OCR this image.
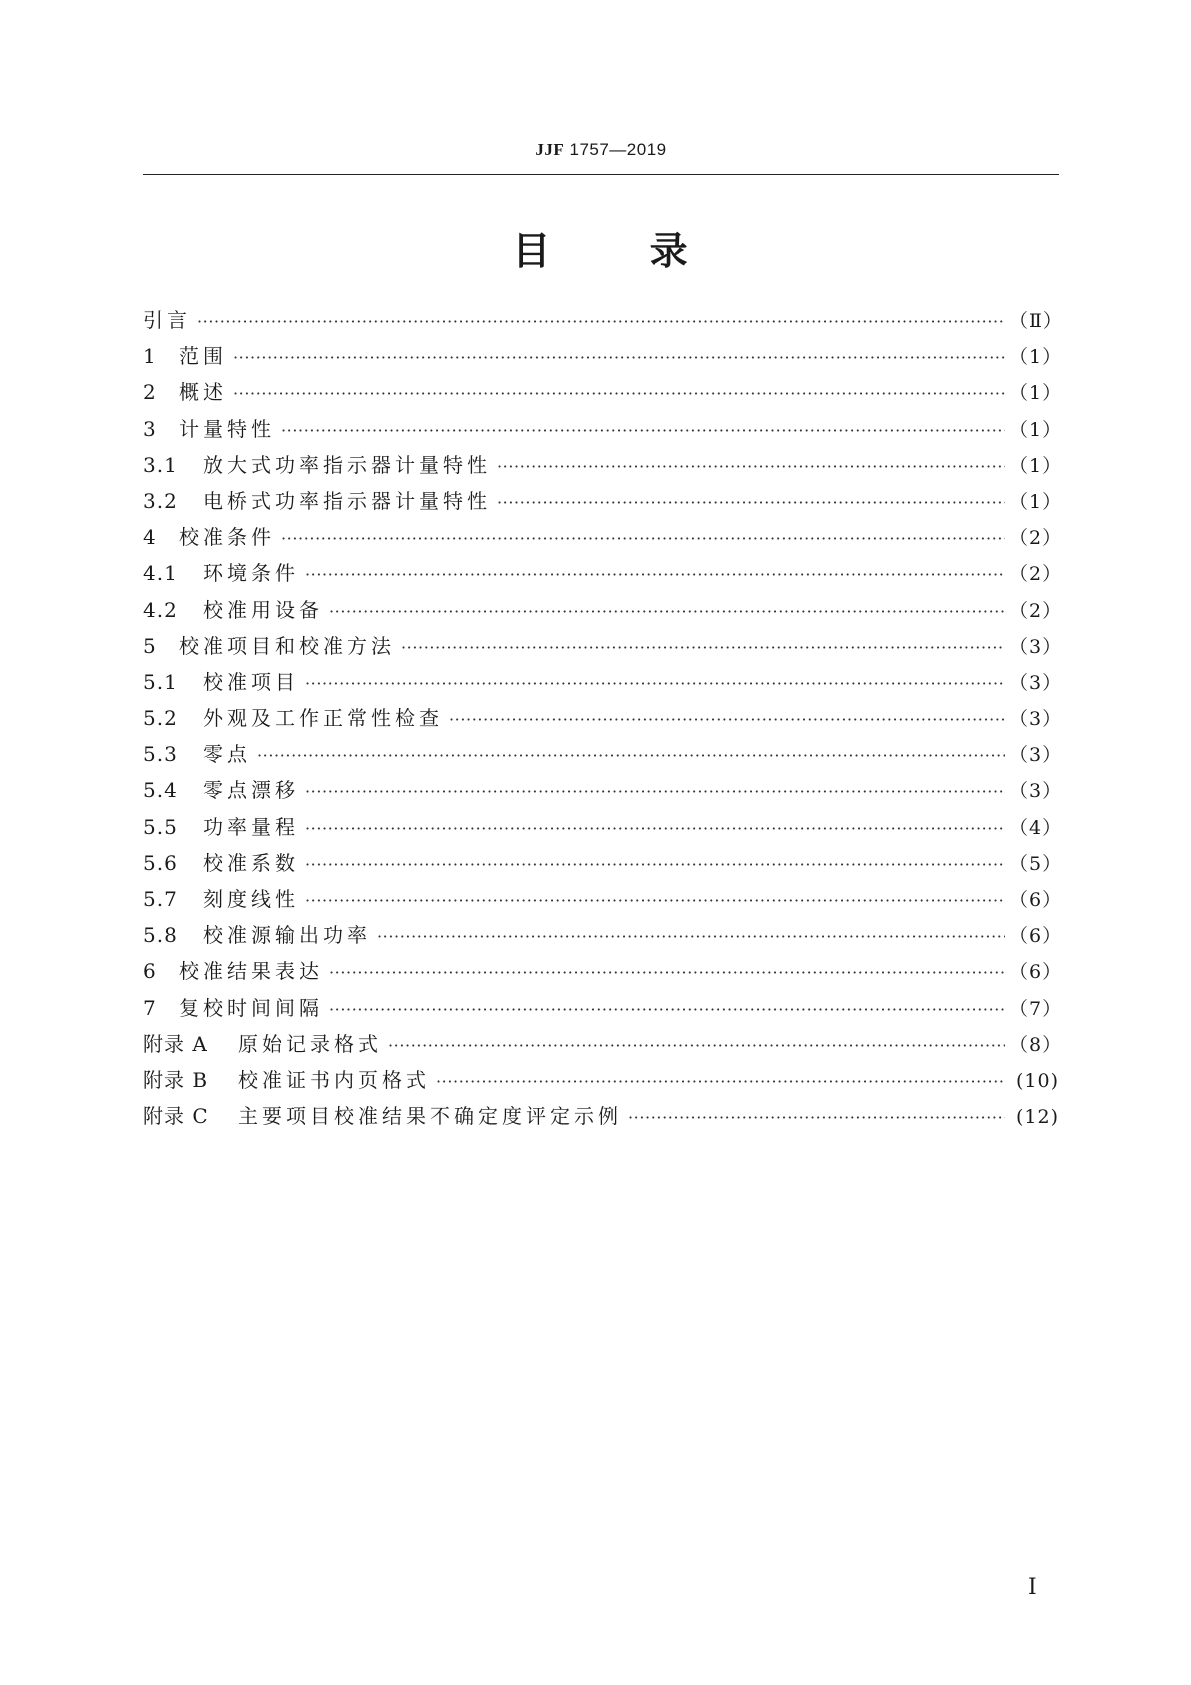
JJF 1757—2019
目 录
引言 ·····	（Ⅱ）
1	范围 ·····	（1）
2	概述 ·····	（1）
3	计量特性 ·····	（1）
3.1	放大式功率指示器计量特性 ·····	（1）
3.2	电桥式功率指示器计量特性 ·····	（1）
4	校准条件 ·····	（2）
4.1	环境条件 ·····	（2）
4.2	校准用设备 ·····	（2）
5	校准项目和校准方法 ·····	（3）
5.1	校准项目 ·····	（3）
5.2	外观及工作正常性检查 ·····	（3）
5.3	零点 ·····	（3）
5.4	零点漂移 ·····	（3）
5.5	功率量程 ·····	（4）
5.6	校准系数 ·····	（5）
5.7	刻度线性 ·····	（6）
5.8	校准源输出功率 ·····	（6）
6	校准结果表达 ·····	（6）
7	复校时间间隔 ·····	（7）
附录 A	原始记录格式 ·····	（8）
附录 B	校准证书内页格式 ·····	(10)
附录 C	主要项目校准结果不确定度评定示例 ·····	(12)
I
